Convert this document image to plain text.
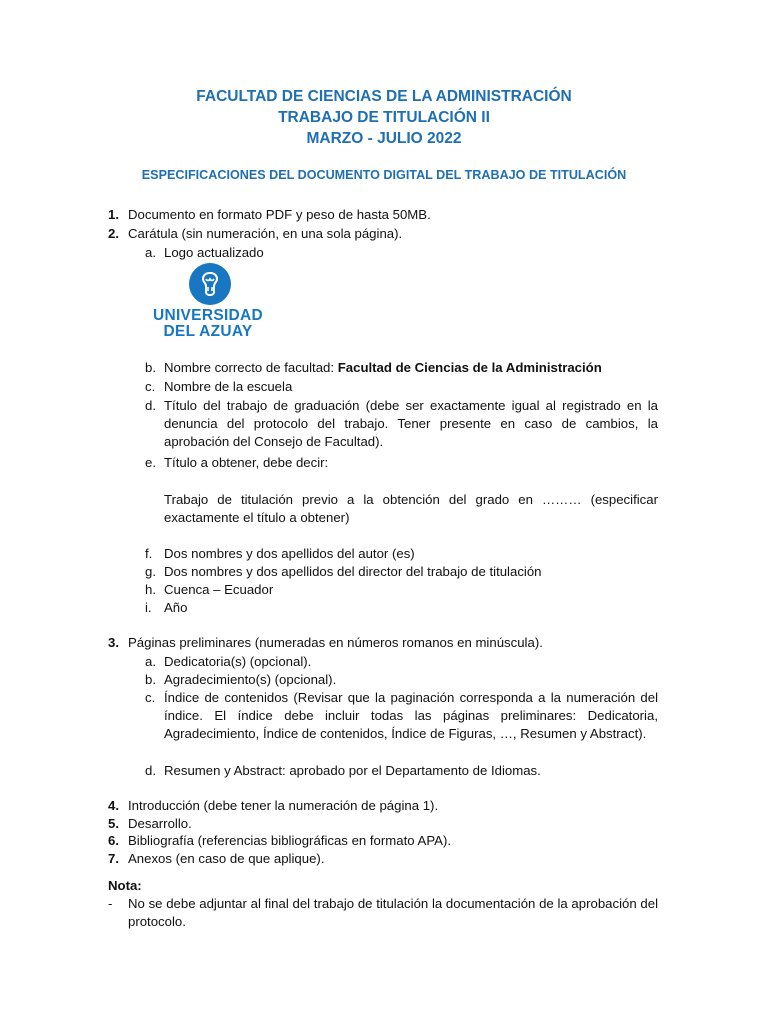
FACULTAD DE CIENCIAS DE LA ADMINISTRACIÓN
TRABAJO DE TITULACIÓN II
MARZO - JULIO 2022
ESPECIFICACIONES DEL DOCUMENTO DIGITAL DEL TRABAJO DE TITULACIÓN
1. Documento en formato PDF y peso de hasta 50MB.
2. Carátula (sin numeración, en una sola página).
a. Logo actualizado
UNIVERSIDAD
DEL AZUAY
b. Nombre correcto de facultad: Facultad de Ciencias de la Administración
c. Nombre de la escuela
d. Título del trabajo de graduación (debe ser exactamente igual al registrado en la denuncia del protocolo del trabajo. Tener presente en caso de cambios, la aprobación del Consejo de Facultad).
e. Título a obtener, debe decir:
Trabajo de titulación previo a la obtención del grado en ……… (especificar exactamente el título a obtener)
f. Dos nombres y dos apellidos del autor (es)
g. Dos nombres y dos apellidos del director del trabajo de titulación
h. Cuenca – Ecuador
i. Año
3. Páginas preliminares (numeradas en números romanos en minúscula).
a. Dedicatoria(s) (opcional).
b. Agradecimiento(s) (opcional).
c. Índice de contenidos (Revisar que la paginación corresponda a la numeración del índice. El índice debe incluir todas las páginas preliminares: Dedicatoria, Agradecimiento, Índice de contenidos, Índice de Figuras, …, Resumen y Abstract).
d. Resumen y Abstract: aprobado por el Departamento de Idiomas.
4. Introducción (debe tener la numeración de página 1).
5. Desarrollo.
6. Bibliografía (referencias bibliográficas en formato APA).
7. Anexos (en caso de que aplique).
Nota:
-	No se debe adjuntar al final del trabajo de titulación la documentación de la aprobación del protocolo.
